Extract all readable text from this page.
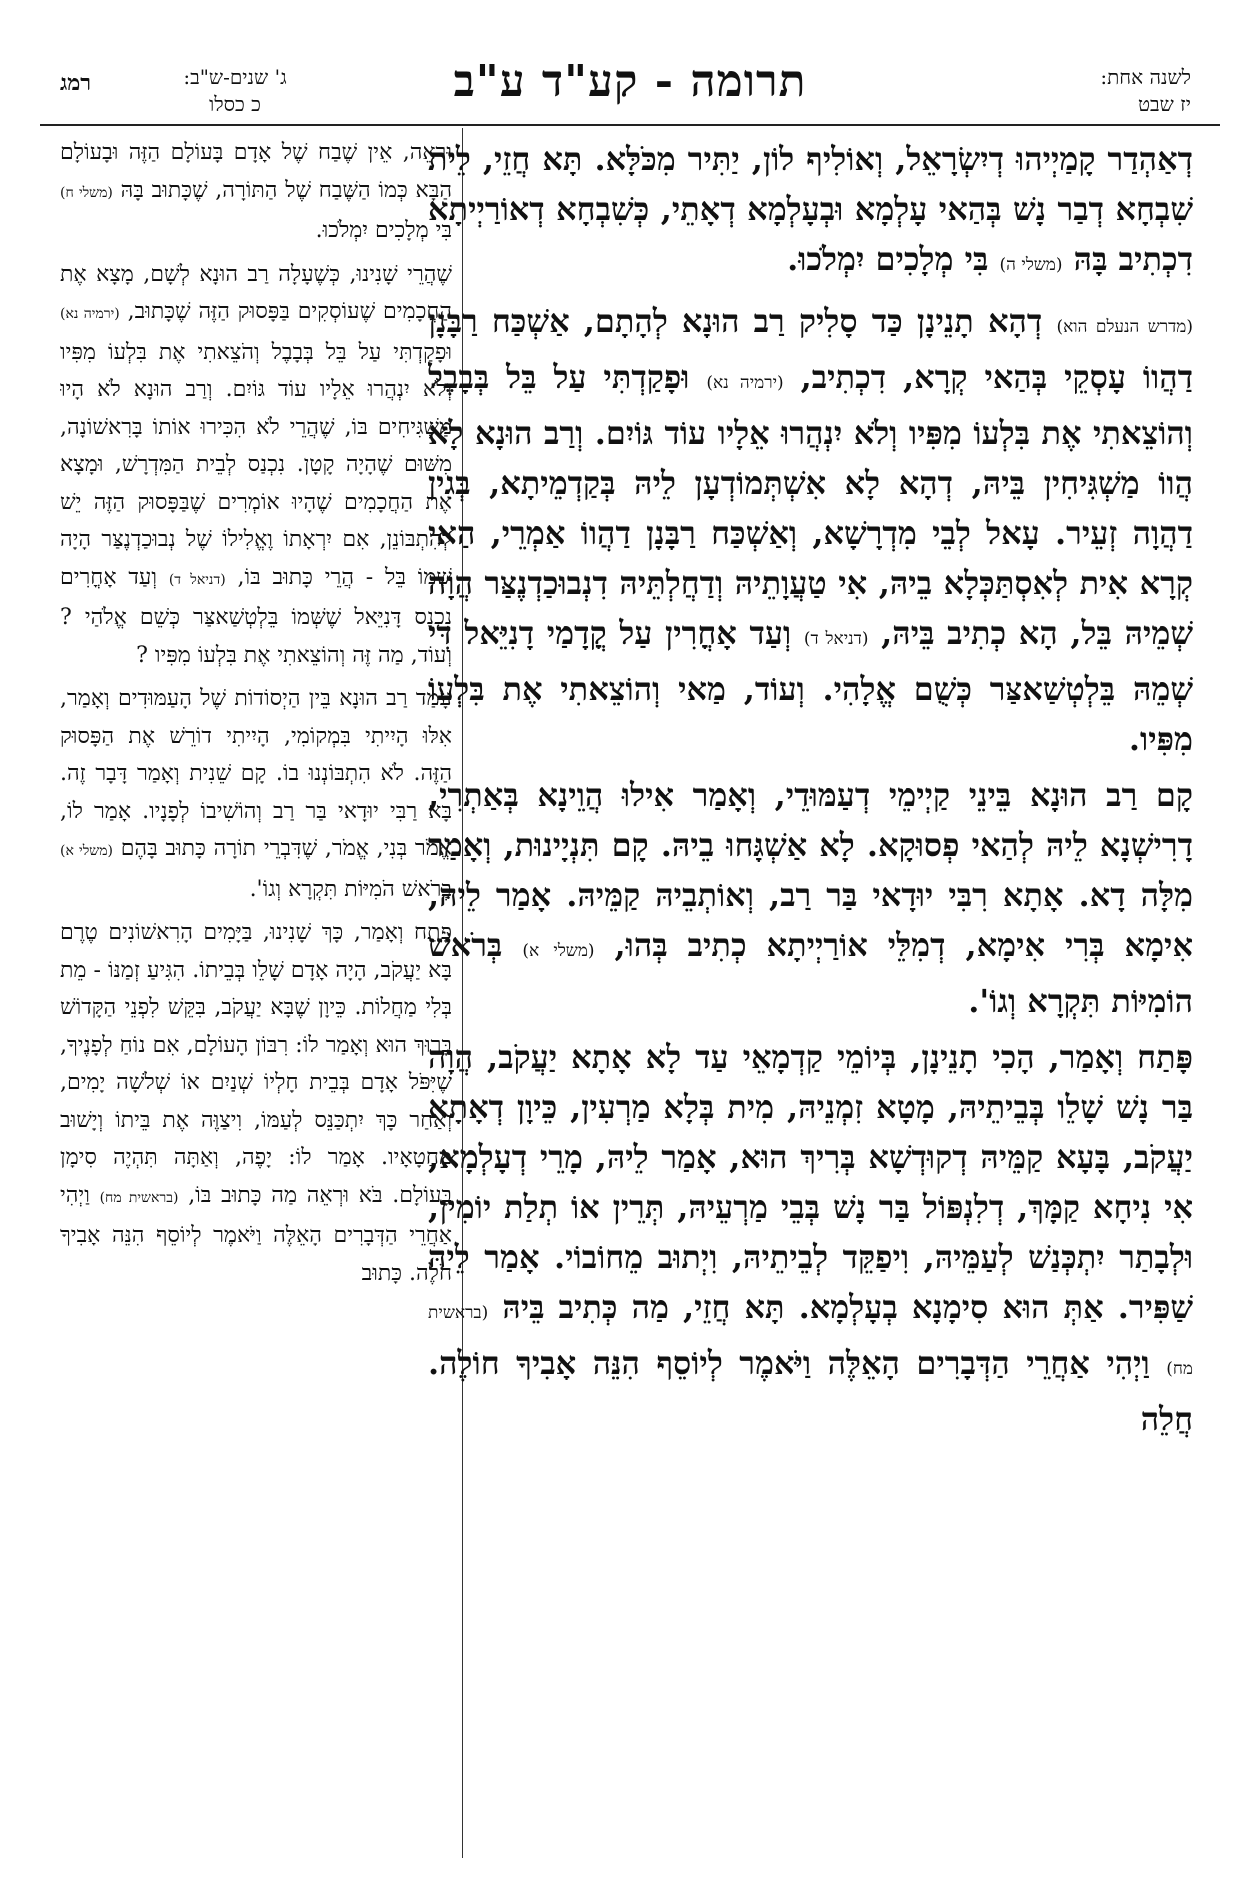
לשנה אחת:
יז שבט
תרומה - קע"ד ע"ב
ג' שנים-ש"ב:
כ כסלו
רמג

דְאַהְדַר קָמַיְיהוּ דְיִשְׂרָאֵל, וְאוֹלִיף לוֹן, יַתִּיר מִכֹּלָּא. תָּא חֲזֵי, לֵית שִׁבְחָא דְבַר נָשׁ בְּהַאי עָלְמָא וּבְעָלְמָא דְאָתֵי, כְּשִׁבְחָא דְאוֹרַיְיתָא דִכְתִיב בָּהּ (משלי ה) בִּי מְלָכִים יִמְלֹכוּ.

(מדרש הנעלם הוא) דְהָא תָנֵינָן כַּד סָלִיק רַב הוּנָא לְהָתָם, אַשְׁכַּח רַבָּנָן דַהֲווֹ עָסְקֵי בְּהַאי קְרָא, דִכְתִיב, (ירמיה נא) וּפָקַדְתִּי עַל בֵּל בְּבָבֶל וְהוֹצֵאתִי אֶת בִּלְעוֹ מִפִּיו וְלֹא יִנְהֲרוּ אֵלָיו עוֹד גּוֹיִם. וְרַב הוּנָא לָא הֲווֹ מַשְׁגִּיחִין בֵּיהּ, דְהָא לָא אִשְׁתְּמוֹדְעָן לֵיהּ בְּקַדְמֵיתָא, בְּגִין דַהֲוָה זְעֵיר. עָאל לְבֵי מִדְרָשָׁא, וְאַשְׁכַּח רַבָּנָן דַהֲווֹ אַמְרֵי, הַאי קְרָא אִית לְאִסְתַּכְּלָא בֵיהּ, אִי טַעֲוָתֵיהּ וְדַחֲלְתֵּיהּ דִנְבוּכַדְנֶצַּר הֲוָה שְׁמֵיהּ בֵּל, הָא כְתִיב בֵּיהּ, (דניאל ד) וְעַד אָחֳרִין עַל קֳדָמַי דָנִיֵּאל דִּי שְׁמֵהּ בֵּלְטְשַׁאצַּר כְּשֻׁם אֱלָהִי. וְעוֹד, מַאי וְהוֹצֵאתִי אֶת בִּלְעוֹ מִפִּיו.

קָם רַב הוּנָא בֵּינֵי קַיְימֵי דְעַמּוּדֵי, וְאָמַר אִילוּ הֲוֵינָא בְּאַתְרִי, דָרִישְׁנָא לֵיהּ לְהַאי פְסוּקָא. לָא אַשְׁגָּחוּ בֵיהּ. קָם תִּנְיָינוּת, וְאָמַר מִלָּה דָא. אָתָא רִבִּי יוּדָאי בַּר רַב, וְאוֹתְבֵיהּ קַמֵּיהּ. אָמַר לֵיהּ, אִימָא בְּרִי אִימָא, דְמִלֵּי אוֹרַיְיתָא כְתִיב בְּהוּ, (משלי א) בְּרֹאשׁ הוֹמִיּוֹת תִּקְרָא וְגוֹ'.

פָּתַח וְאָמַר, הָכִי תָנֵינָן, בְּיוֹמֵי קַדְמָאֵי עַד לָא אָתָא יַעֲקֹב, הֲוָה בַּר נָשׁ שָׁלֵו בְּבֵיתֵיהּ, מָטָא זִמְנֵיהּ, מִית בְּלָא מַרְעִין, כֵּיוָן דְאָתָא יַעֲקֹב, בָּעָא קַמֵּיהּ דְקוּדְשָׁא בְּרִיךְ הוּא, אָמַר לֵיהּ, מָרֵי דְעָלְמָא, אִי נִיחָא קַמָּךְ, דְלִנְפּוֹל בַּר נָשׁ בְּבֵי מַרְעֵיהּ, תְּרֵין אוֹ תְלַת יוֹמִין, וּלְבָתַר יִתְכְּנַשׁ לְעַמֵּיהּ, וִיפַקֵּד לְבֵיתֵיהּ, וִיְתוּב מֵחוֹבוֹי. אָמַר לֵיהּ שַׁפִּיר. אַתְּ הוּא סִימָנָא בְעָלְמָא. תָּא חֲזֵי, מַה כְּתִיב בֵּיהּ (בראשית מח) וַיְהִי אַחֲרֵי הַדְּבָרִים הָאֵלֶּה וַיֹּאמֶר לְיוֹסֵף הִנֵּה אָבִיךָ חוֹלֶה. חֲלֵה

וּרְאֵה, אֵין שֶׁבַח שֶׁל אָדָם בָּעוֹלָם הַזֶּה וּבָעוֹלָם הַבָּא כְּמוֹ הַשֶּׁבַח שֶׁל הַתּוֹרָה, שֶׁכָּתוּב בָּהּ (משלי ח) בִּי מְלָכִים יִמְלֹכוּ.

שֶׁהֲרֵי שָׁנִינוּ, כְּשֶׁעָלָה רַב הוּנָא לְשָׁם, מָצָא אֶת הַחֲכָמִים שֶׁעוֹסְקִים בַּפָּסוּק הַזֶּה שֶׁכָּתוּב, (ירמיה נא) וּפָקַדְתִּי עַל בֵּל בְּבָבֶל וְהֹצֵאתִי אֶת בִּלְעוֹ מִפִּיו וְלֹא יִנְהֲרוּ אֵלָיו עוֹד גּוֹיִם. וְרַב הוּנָא לֹא הָיוּ מַשְׁגִּיחִים בּוֹ, שֶׁהֲרֵי לֹא הִכִּירוּ אוֹתוֹ בָּרִאשׁוֹנָה, מִשּׁוּם שֶׁהָיָה קָטָן. נִכְנַס לְבֵית הַמִּדְרָשׁ, וּמָצָא אֶת הַחֲכָמִים שֶׁהָיוּ אוֹמְרִים שֶׁבַּפָּסוּק הַזֶּה יֵשׁ לְהִתְבּוֹנֵן, אִם יִרְאָתוֹ וֶאֱלִילוֹ שֶׁל נְבוּכַדְנֶצַּר הָיָה שְׁמוֹ בֵּל - הֲרֵי כָּתוּב בּוֹ, (דניאל ד) וְעַד אָחֳרִים נִכְנַס דָּנִיֵּאל שֶׁשְּׁמוֹ בֵּלְטְשַׁאצַּר כְּשֵׁם אֱלֹהַי ? וְעוֹד, מַה זֶּה וְהוֹצֵאתִי אֶת בִּלְעוֹ מִפִּיו ?

עָמַד רַב הוּנָא בֵּין הַיְסוֹדוֹת שֶׁל הָעַמּוּדִים וְאָמַר, אִלּוּ הָיִיתִי בִּמְקוֹמִי, הָיִיתִי דוֹרֵשׁ אֶת הַפָּסוּק הַזֶּה. לֹא הִתְבּוֹנְנוּ בוֹ. קָם שֵׁנִית וְאָמַר דָּבָר זֶה. בָּא רַבִּי יוּדָאי בַּר רַב וְהוֹשִׁיבוֹ לְפָנָיו. אָמַר לוֹ, אֱמֹר בְּנִי, אֱמֹר, שֶׁדִּבְרֵי תוֹרָה כָּתוּב בָּהֶם (משלי א) בְּרֹאשׁ הֹמִיּוֹת תִּקְרָא וְגוֹ'.

פָּתַח וְאָמַר, כָּךְ שָׁנִינוּ, בַּיָּמִים הָרִאשׁוֹנִים טֶרֶם בָּא יַעֲקֹב, הָיָה אָדָם שָׁלֵו בְּבֵיתוֹ. הִגִּיעַ זְמַנּוֹ - מֵת בְּלִי מַחֲלוֹת. כֵּיוָן שֶׁבָּא יַעֲקֹב, בִּקֵּשׁ לִפְנֵי הַקָּדוֹשׁ בָּרוּךְ הוּא וְאָמַר לוֹ: רִבּוֹן הָעוֹלָם, אִם נוֹחַ לְפָנֶיךָ, שֶׁיִּפֹּל אָדָם בְּבֵית חָלְיוֹ שְׁנַיִם אוֹ שְׁלֹשָׁה יָמִים, וְאַחַר כָּךְ יִתְכַּנֵּס לְעַמּוֹ, וִיצַוֶּה אֶת בֵּיתוֹ וְיָשׁוּב מֵחֲטָאָיו. אָמַר לוֹ: יָפֶה, וְאַתָּה תִּהְיֶה סִימָן בָּעוֹלָם. בֹּא וּרְאֵה מַה כָּתוּב בּוֹ, (בראשית מח) וַיְהִי אַחֲרֵי הַדְּבָרִים הָאֵלֶּה וַיֹּאמֶר לְיוֹסֵף הִנֵּה אָבִיךָ חֹלֶה. כָּתוּב
